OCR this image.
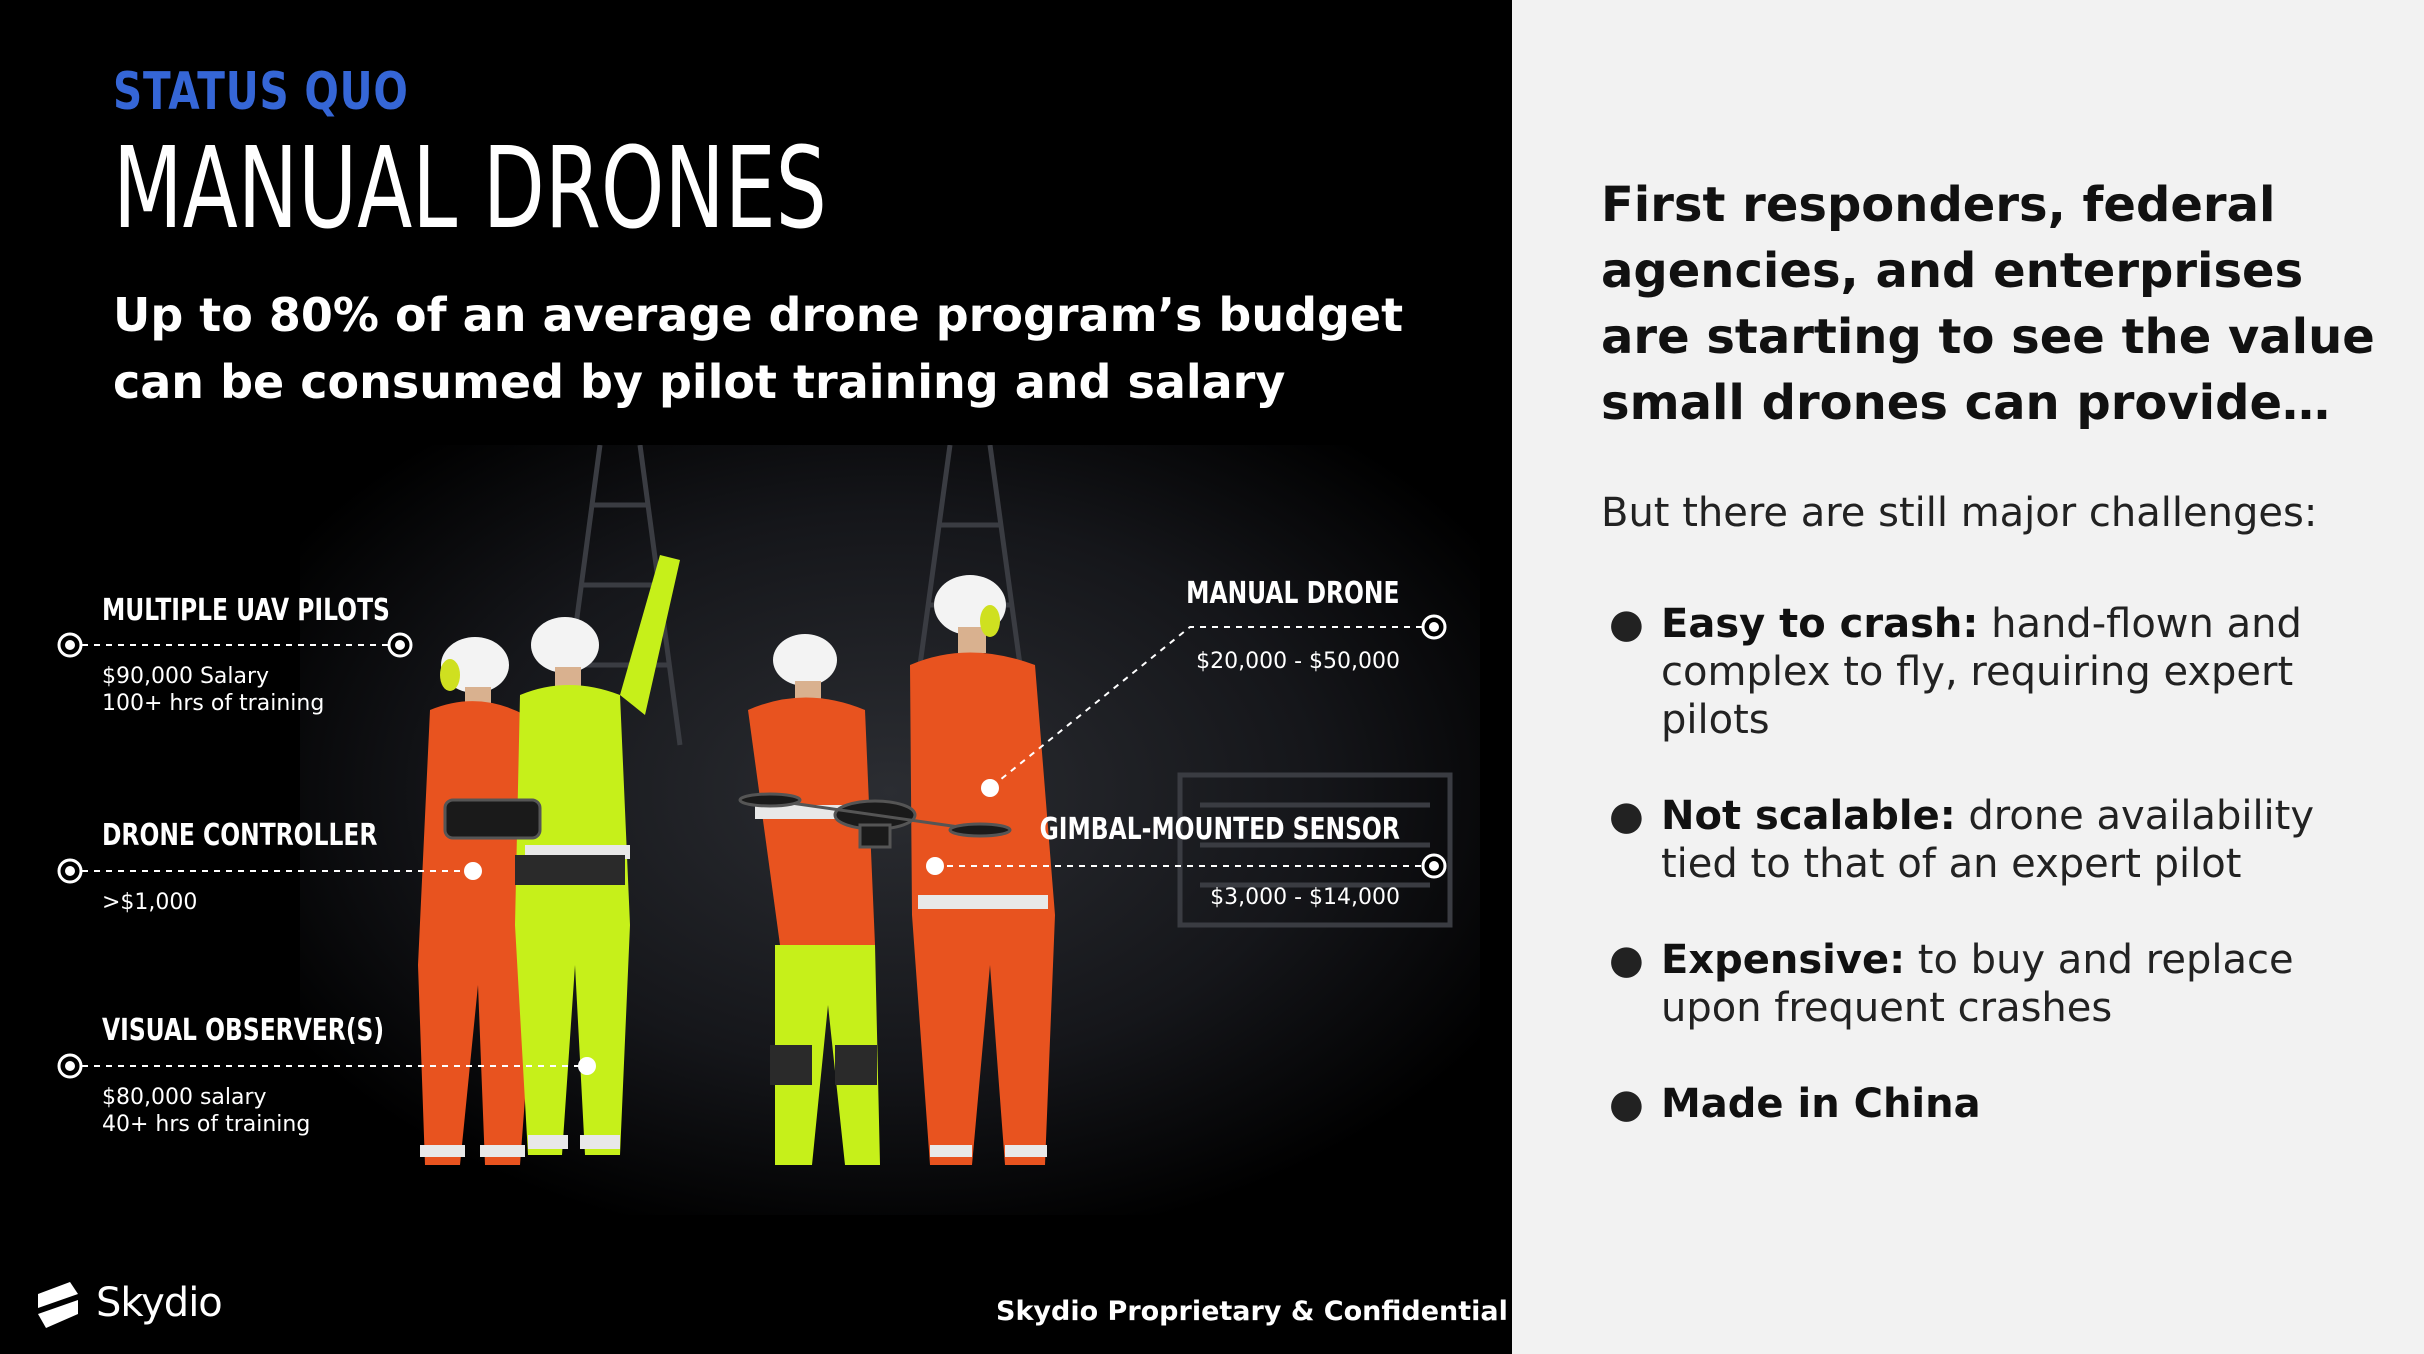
STATUS QUO
MANUAL DRONES
Up to 80% of an average drone program’s budget can be consumed by pilot training and salary
MULTIPLE UAV PILOTS
$90,000 Salary
100+ hrs of training
DRONE CONTROLLER
>$1,000
VISUAL OBSERVER(S)
$80,000 salary
40+ hrs of training
MANUAL DRONE
$20,000 - $50,000
GIMBAL-MOUNTED SENSOR
$3,000 - $14,000
Skydio	Skydio Proprietary & Confidential
First responders, federal agencies, and enterprises are starting to see the value small drones can provide…
But there are still major challenges:
● Easy to crash: hand-flown and complex to fly, requiring expert pilots
● Not scalable: drone availability tied to that of an expert pilot
● Expensive: to buy and replace upon frequent crashes
● Made in China
